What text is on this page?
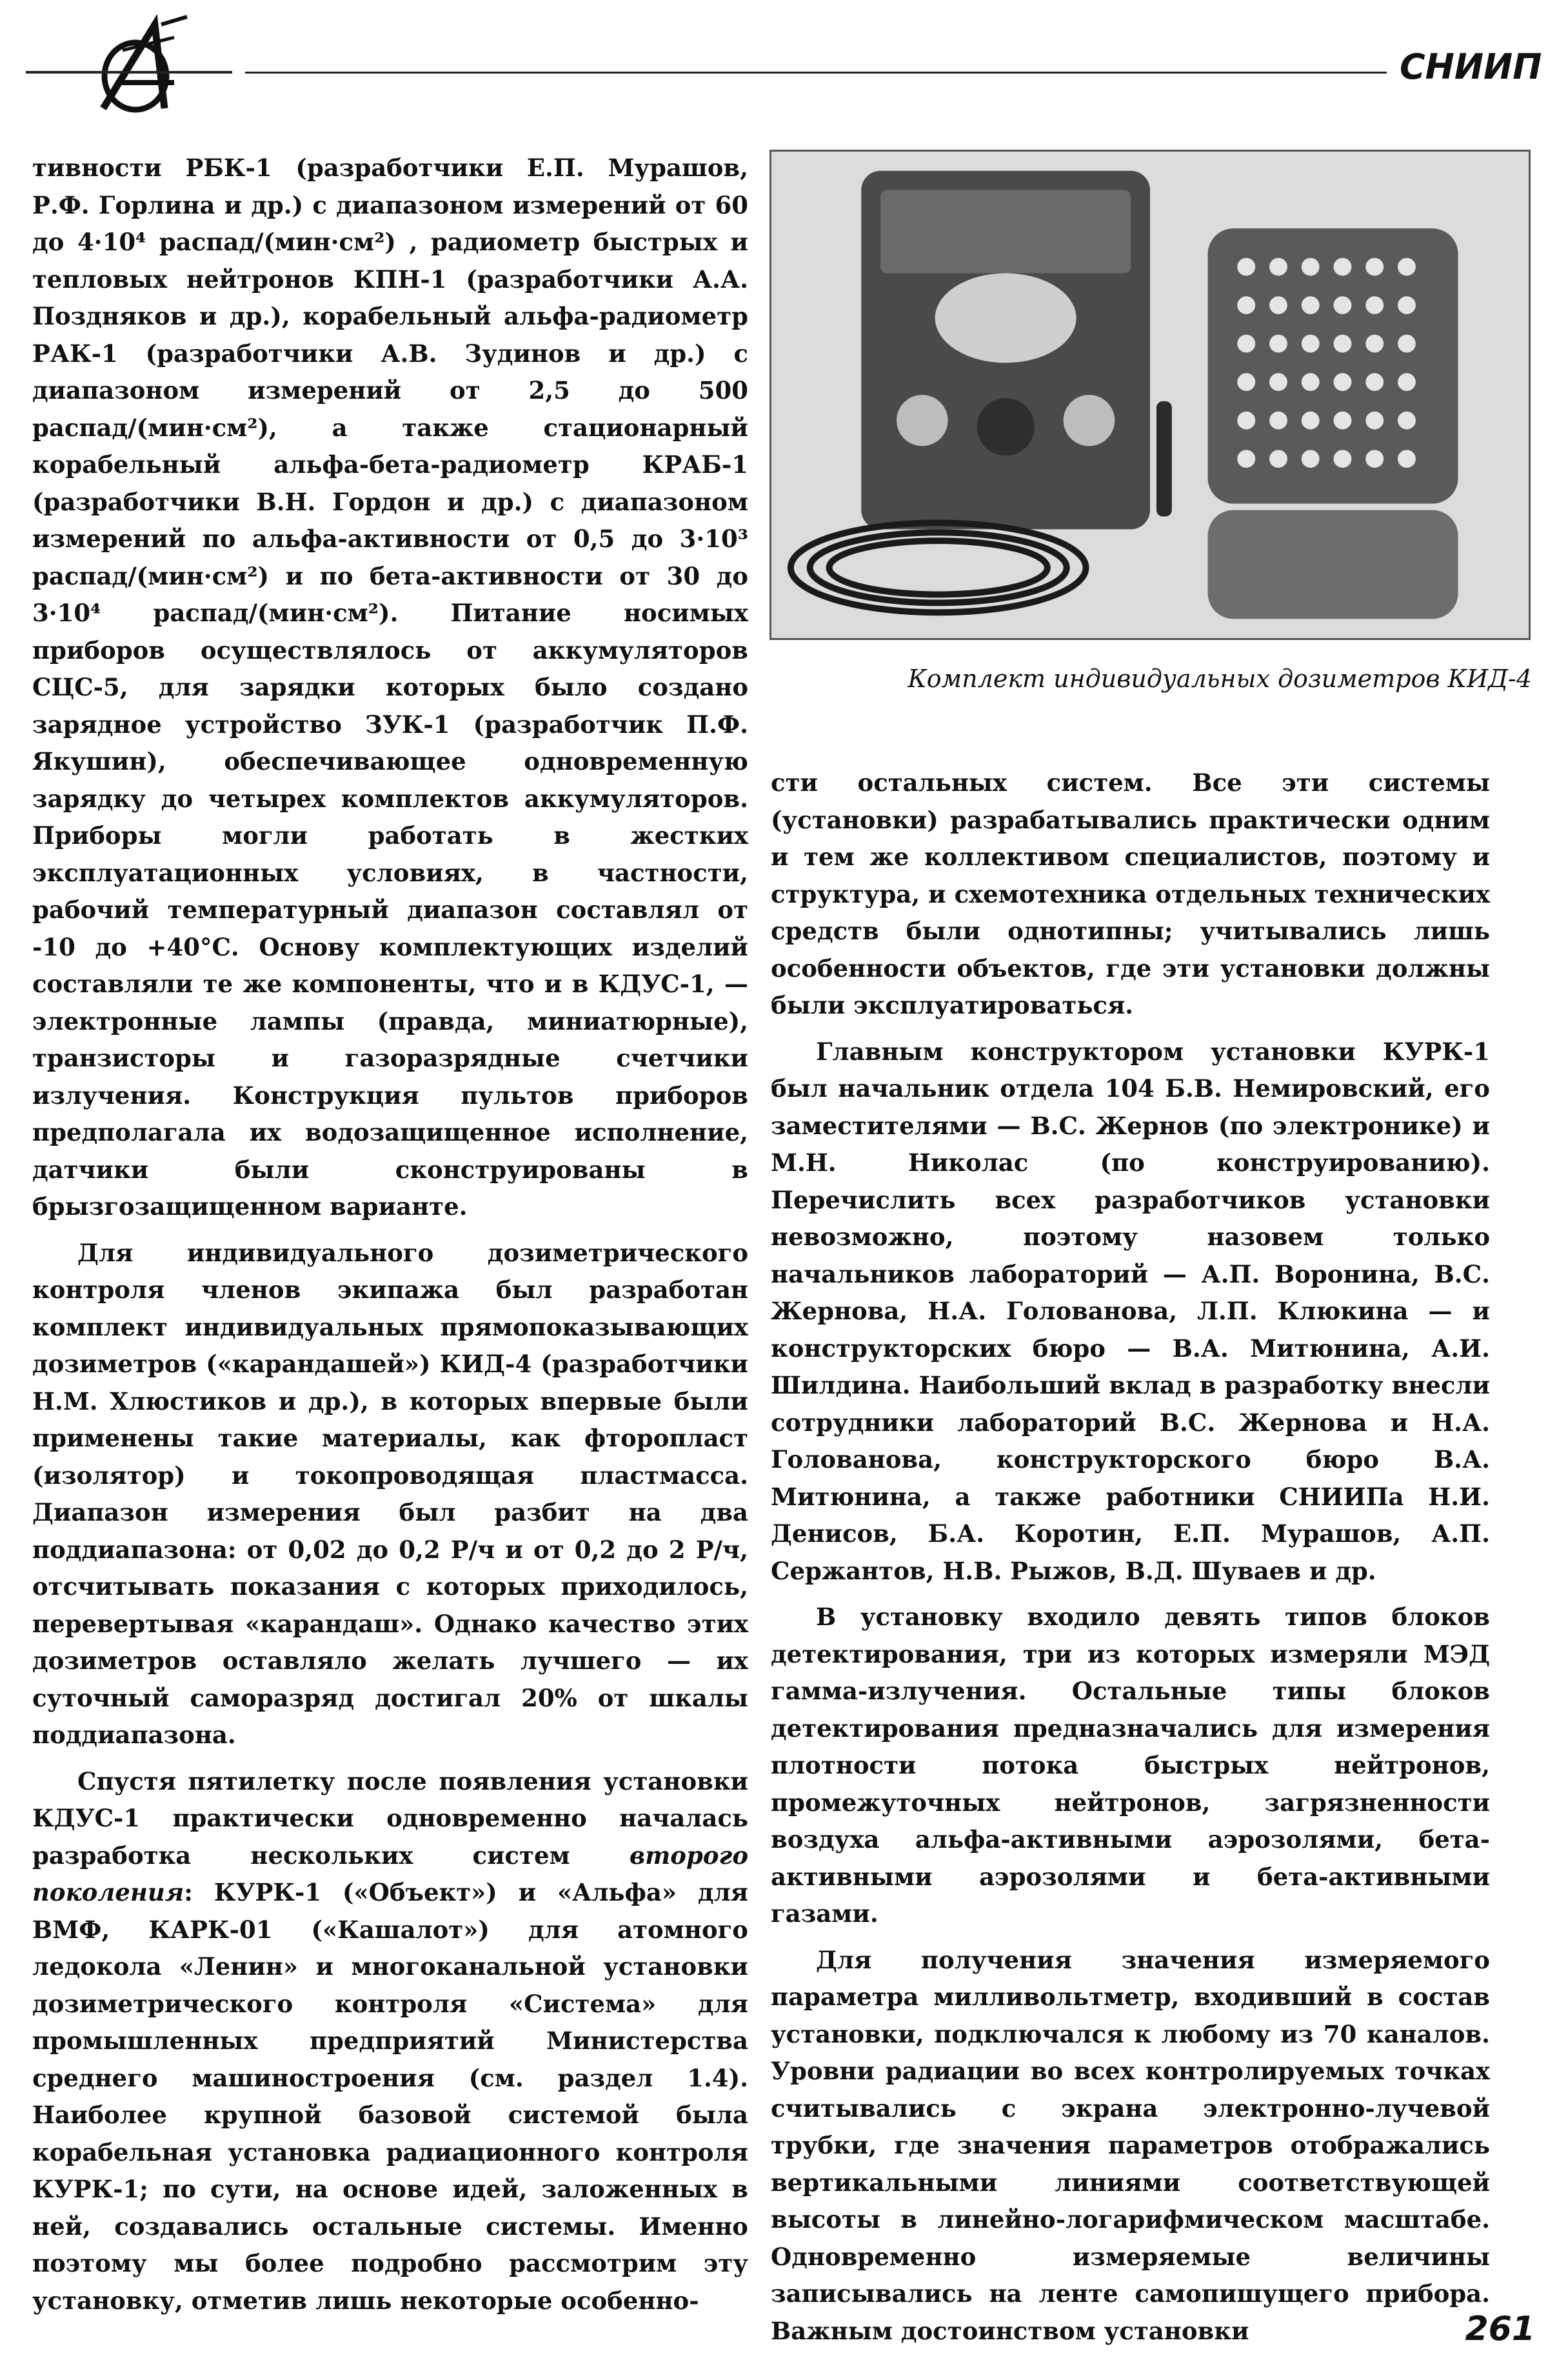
СНИИП

тивности РБК-1 (разработчики Е.П. Мурашов, Р.Ф. Горлина и др.) с диапазоном измерений от 60 до 4·10⁴ распад/(мин·см²) , радиометр быстрых и тепловых нейтронов КПН-1 (разработчики А.А. Поздняков и др.), корабельный альфа-радиометр РАК-1 (разработчики А.В. Зудинов и др.) с диапазоном измерений от 2,5 до 500 распад/(мин·см²), а также стационарный корабельный альфа-бета-радиометр КРАБ-1 (разработчики В.Н. Гордон и др.) с диапазоном измерений по альфа-активности от 0,5 до 3·10³ распад/(мин·см²) и по бета-активности от 30 до 3·10⁴ распад/(мин·см²). Питание носимых приборов осуществлялось от аккумуляторов СЦС-5, для зарядки которых было создано зарядное устройство ЗУК-1 (разработчик П.Ф. Якушин), обеспечивающее одновременную зарядку до четырех комплектов аккумуляторов. Приборы могли работать в жестких эксплуатационных условиях, в частности, рабочий температурный диапазон составлял от -10 до +40°С. Основу комплектующих изделий составляли те же компоненты, что и в КДУС-1, — электронные лампы (правда, миниатюрные), транзисторы и газоразрядные счетчики излучения. Конструкция пультов приборов предполагала их водозащищенное исполнение, датчики были сконструированы в брызгозащищенном варианте.

Для индивидуального дозиметрического контроля членов экипажа был разработан комплект индивидуальных прямопоказывающих дозиметров («карандашей») КИД-4 (разработчики Н.М. Хлюстиков и др.), в которых впервые были применены такие материалы, как фторопласт (изолятор) и токопроводящая пластмасса. Диапазон измерения был разбит на два поддиапазона: от 0,02 до 0,2 Р/ч и от 0,2 до 2 Р/ч, отсчитывать показания с которых приходилось, перевертывая «карандаш». Однако качество этих дозиметров оставляло желать лучшего — их суточный саморазряд достигал 20% от шкалы поддиапазона.

Спустя пятилетку после появления установки КДУС-1 практически одновременно началась разработка нескольких систем второго поколения: КУРК-1 («Объект») и «Альфа» для ВМФ, КАРК-01 («Кашалот») для атомного ледокола «Ленин» и многоканальной установки дозиметрического контроля «Система» для промышленных предприятий Министерства среднего машиностроения (см. раздел 1.4). Наиболее крупной базовой системой была корабельная установка радиационного контроля КУРК-1; по сути, на основе идей, заложенных в ней, создавались остальные системы. Именно поэтому мы более подробно рассмотрим эту установку, отметив лишь некоторые особенно-

Комплект индивидуальных дозиметров КИД-4

сти остальных систем. Все эти системы (установки) разрабатывались практически одним и тем же коллективом специалистов, поэтому и структура, и схемотехника отдельных технических средств были однотипны; учитывались лишь особенности объектов, где эти установки должны были эксплуатироваться.

Главным конструктором установки КУРК-1 был начальник отдела 104 Б.В. Немировский, его заместителями — В.С. Жернов (по электронике) и М.Н. Николас (по конструированию). Перечислить всех разработчиков установки невозможно, поэтому назовем только начальников лабораторий — А.П. Воронина, В.С. Жернова, Н.А. Голованова, Л.П. Клюкина — и конструкторских бюро — В.А. Митюнина, А.И. Шилдина. Наибольший вклад в разработку внесли сотрудники лабораторий В.С. Жернова и Н.А. Голованова, конструкторского бюро В.А. Митюнина, а также работники СНИИПа Н.И. Денисов, Б.А. Коротин, Е.П. Мурашов, А.П. Сержантов, Н.В. Рыжов, В.Д. Шуваев и др.

В установку входило девять типов блоков детектирования, три из которых измеряли МЭД гамма-излучения. Остальные типы блоков детектирования предназначались для измерения плотности потока быстрых нейтронов, промежуточных нейтронов, загрязненности воздуха альфа-активными аэрозолями, бета-активными аэрозолями и бета-активными газами.

Для получения значения измеряемого параметра милливольтметр, входивший в состав установки, подключался к любому из 70 каналов. Уровни радиации во всех контролируемых точках считывались с экрана электронно-лучевой трубки, где значения параметров отображались вертикальными линиями соответствующей высоты в линейно-логарифмическом масштабе. Одновременно измеряемые величины записывались на ленте самопишущего прибора. Важным достоинством установки	261
